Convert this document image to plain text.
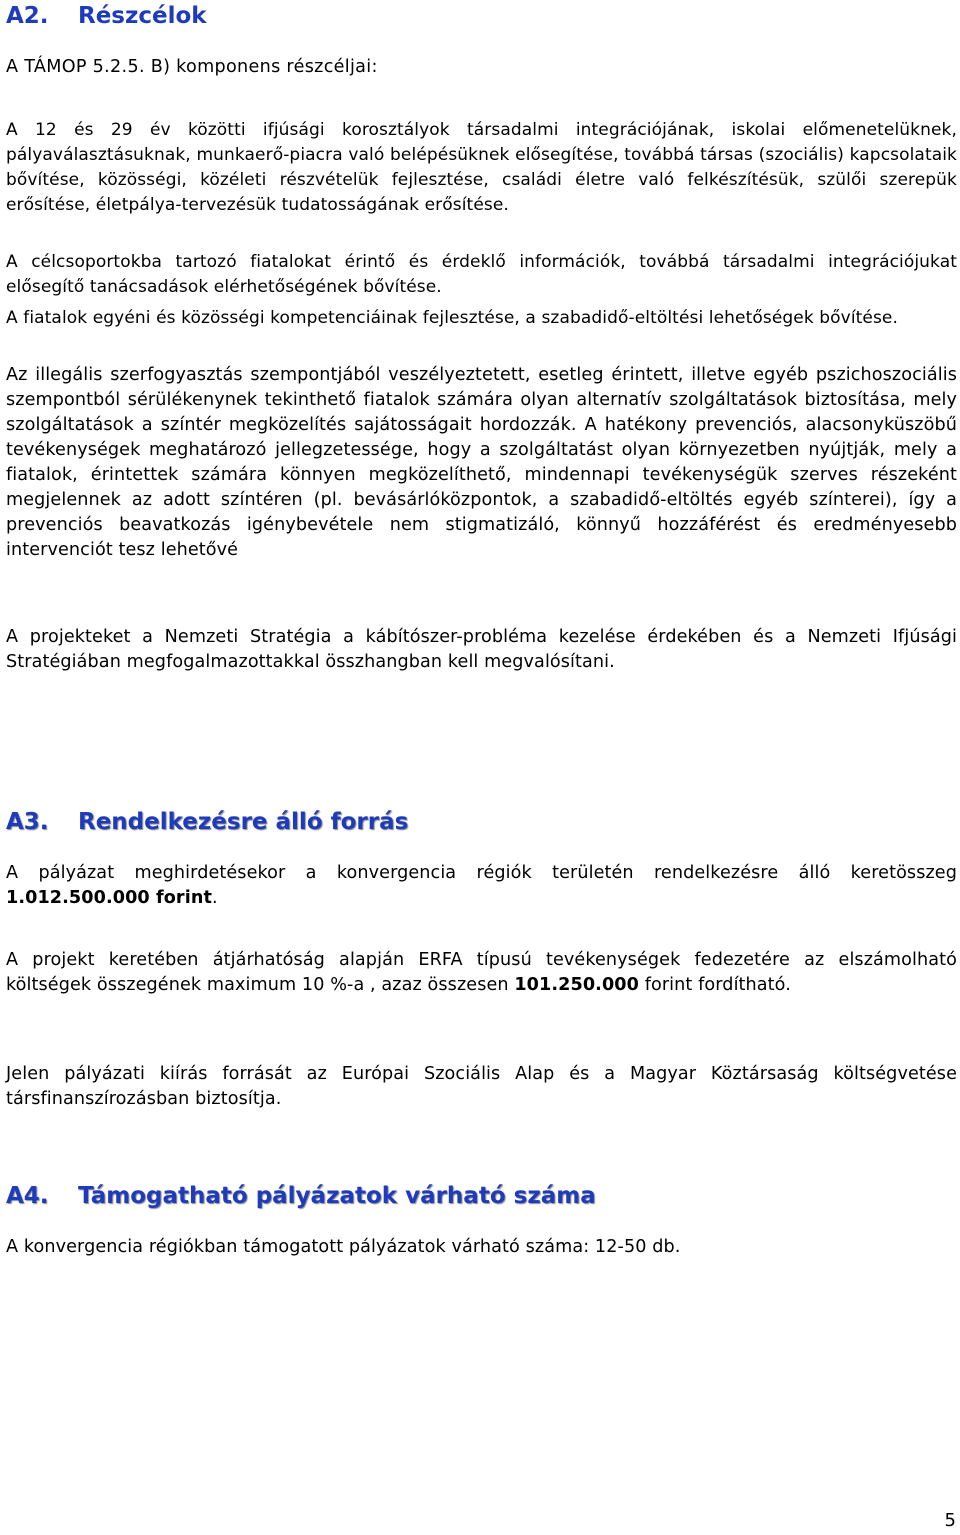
A2. Részcélok

A TÁMOP 5.2.5. B) komponens részcéljai:

A 12 és 29 év közötti ifjúsági korosztályok társadalmi integrációjának, iskolai előmenetelüknek, pályaválasztásuknak, munkaerő-piacra való belépésüknek elősegítése, továbbá társas (szociális) kapcsolataik bővítése, közösségi, közéleti részvételük fejlesztése, családi életre való felkészítésük, szülői szerepük erősítése, életpálya-tervezésük tudatosságának erősítése.

A célcsoportokba tartozó fiatalokat érintő és érdeklő információk, továbbá társadalmi integrációjukat elősegítő tanácsadások elérhetőségének bővítése.

A fiatalok egyéni és közösségi kompetenciáinak fejlesztése, a szabadidő-eltöltési lehetőségek bővítése.

Az illegális szerfogyasztás szempontjából veszélyeztetett, esetleg érintett, illetve egyéb pszichoszociális szempontból sérülékenynek tekinthető fiatalok számára olyan alternatív szolgáltatások biztosítása, mely szolgáltatások a színtér megközelítés sajátosságait hordozzák. A hatékony prevenciós, alacsonyküszöbű tevékenységek meghatározó jellegzetessége, hogy a szolgáltatást olyan környezetben nyújtják, mely a fiatalok, érintettek számára könnyen megközelíthető, mindennapi tevékenységük szerves részeként megjelennek az adott színtéren (pl. bevásárlóközpontok, a szabadidő-eltöltés egyéb színterei), így a prevenciós beavatkozás igénybevétele nem stigmatizáló, könnyű hozzáférést és eredményesebb intervenciót tesz lehetővé

A projekteket a Nemzeti Stratégia a kábítószer-probléma kezelése érdekében és a Nemzeti Ifjúsági Stratégiában megfogalmazottakkal összhangban kell megvalósítani.

A3. Rendelkezésre álló forrás

A pályázat meghirdetésekor a konvergencia régiók területén rendelkezésre álló keretösszeg 1.012.500.000 forint.

A projekt keretében átjárhatóság alapján ERFA típusú tevékenységek fedezetére az elszámolható költségek összegének maximum 10 %-a , azaz összesen 101.250.000 forint fordítható.

Jelen pályázati kiírás forrását az Európai Szociális Alap és a Magyar Köztársaság költségvetése társfinanszírozásban biztosítja.

A4. Támogatható pályázatok várható száma

A konvergencia régiókban támogatott pályázatok várható száma: 12-50 db.

5
